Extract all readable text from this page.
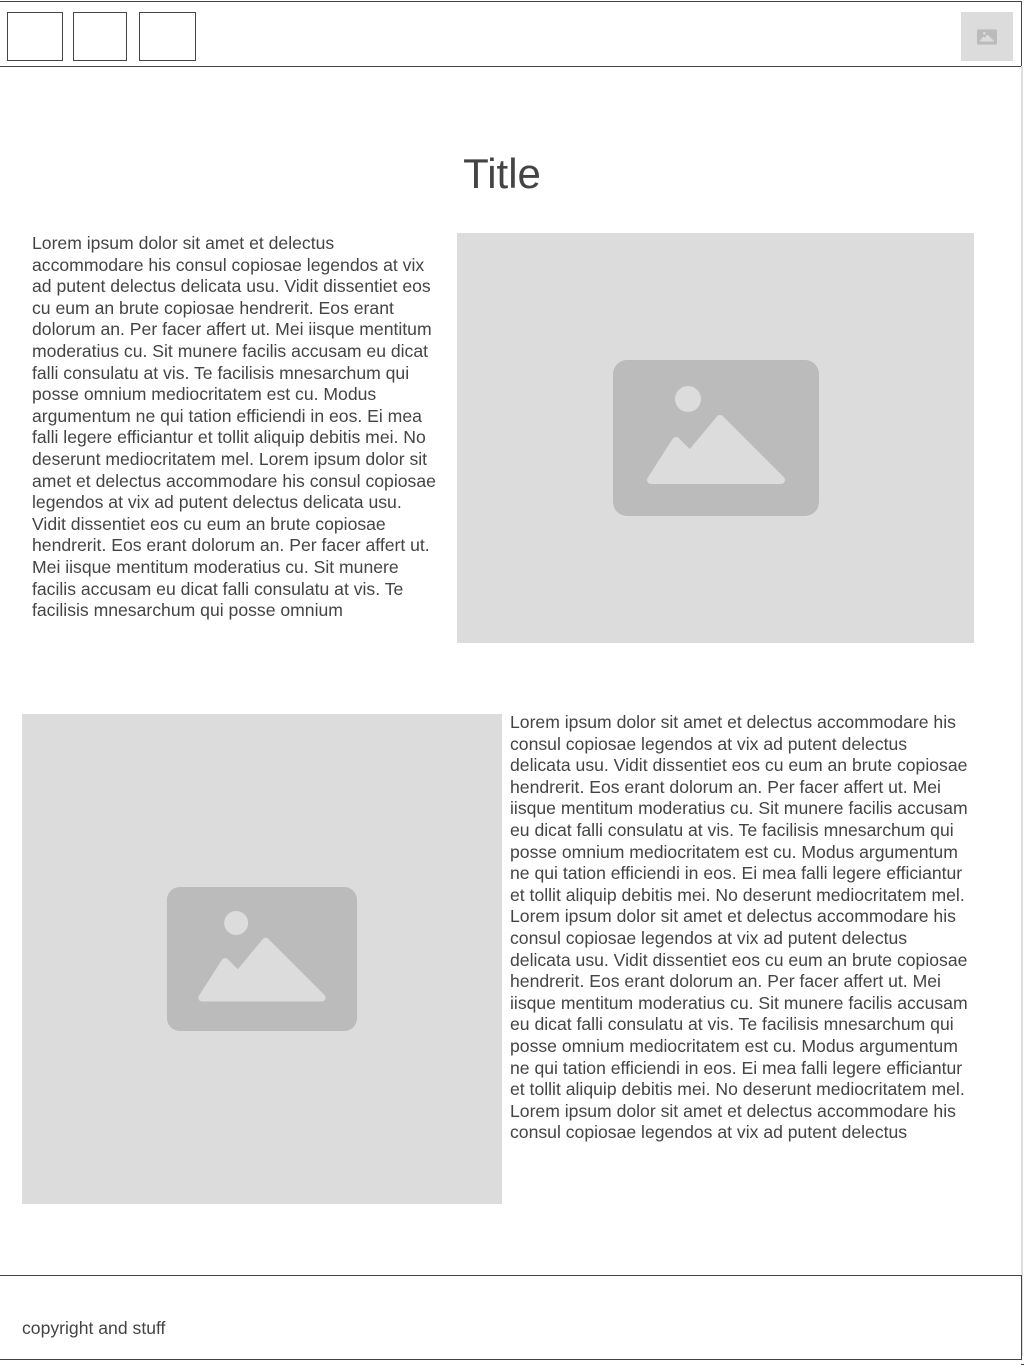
Title

Lorem ipsum dolor sit amet et delectus accommodare his consul copiosae legendos at vix ad putent delectus delicata usu. Vidit dissentiet eos cu eum an brute copiosae hendrerit. Eos erant dolorum an. Per facer affert ut. Mei iisque mentitum moderatius cu. Sit munere facilis accusam eu dicat falli consulatu at vis. Te facilisis mnesarchum qui posse omnium mediocritatem est cu. Modus argumentum ne qui tation efficiendi in eos. Ei mea falli legere efficiantur et tollit aliquip debitis mei. No deserunt mediocritatem mel. Lorem ipsum dolor sit amet et delectus accommodare his consul copiosae legendos at vix ad putent delectus delicata usu. Vidit dissentiet eos cu eum an brute copiosae hendrerit. Eos erant dolorum an. Per facer affert ut. Mei iisque mentitum moderatius cu. Sit munere facilis accusam eu dicat falli consulatu at vis. Te facilisis mnesarchum qui posse omnium

Lorem ipsum dolor sit amet et delectus accommodare his consul copiosae legendos at vix ad putent delectus delicata usu. Vidit dissentiet eos cu eum an brute copiosae hendrerit. Eos erant dolorum an. Per facer affert ut. Mei iisque mentitum moderatius cu. Sit munere facilis accusam eu dicat falli consulatu at vis. Te facilisis mnesarchum qui posse omnium mediocritatem est cu. Modus argumentum ne qui tation efficiendi in eos. Ei mea falli legere efficiantur et tollit aliquip debitis mei. No deserunt mediocritatem mel. Lorem ipsum dolor sit amet et delectus accommodare his consul copiosae legendos at vix ad putent delectus delicata usu. Vidit dissentiet eos cu eum an brute copiosae hendrerit. Eos erant dolorum an. Per facer affert ut. Mei iisque mentitum moderatius cu. Sit munere facilis accusam eu dicat falli consulatu at vis. Te facilisis mnesarchum qui posse omnium mediocritatem est cu. Modus argumentum ne qui tation efficiendi in eos. Ei mea falli legere efficiantur et tollit aliquip debitis mei. No deserunt mediocritatem mel. Lorem ipsum dolor sit amet et delectus accommodare his consul copiosae legendos at vix ad putent delectus

copyright and stuff
